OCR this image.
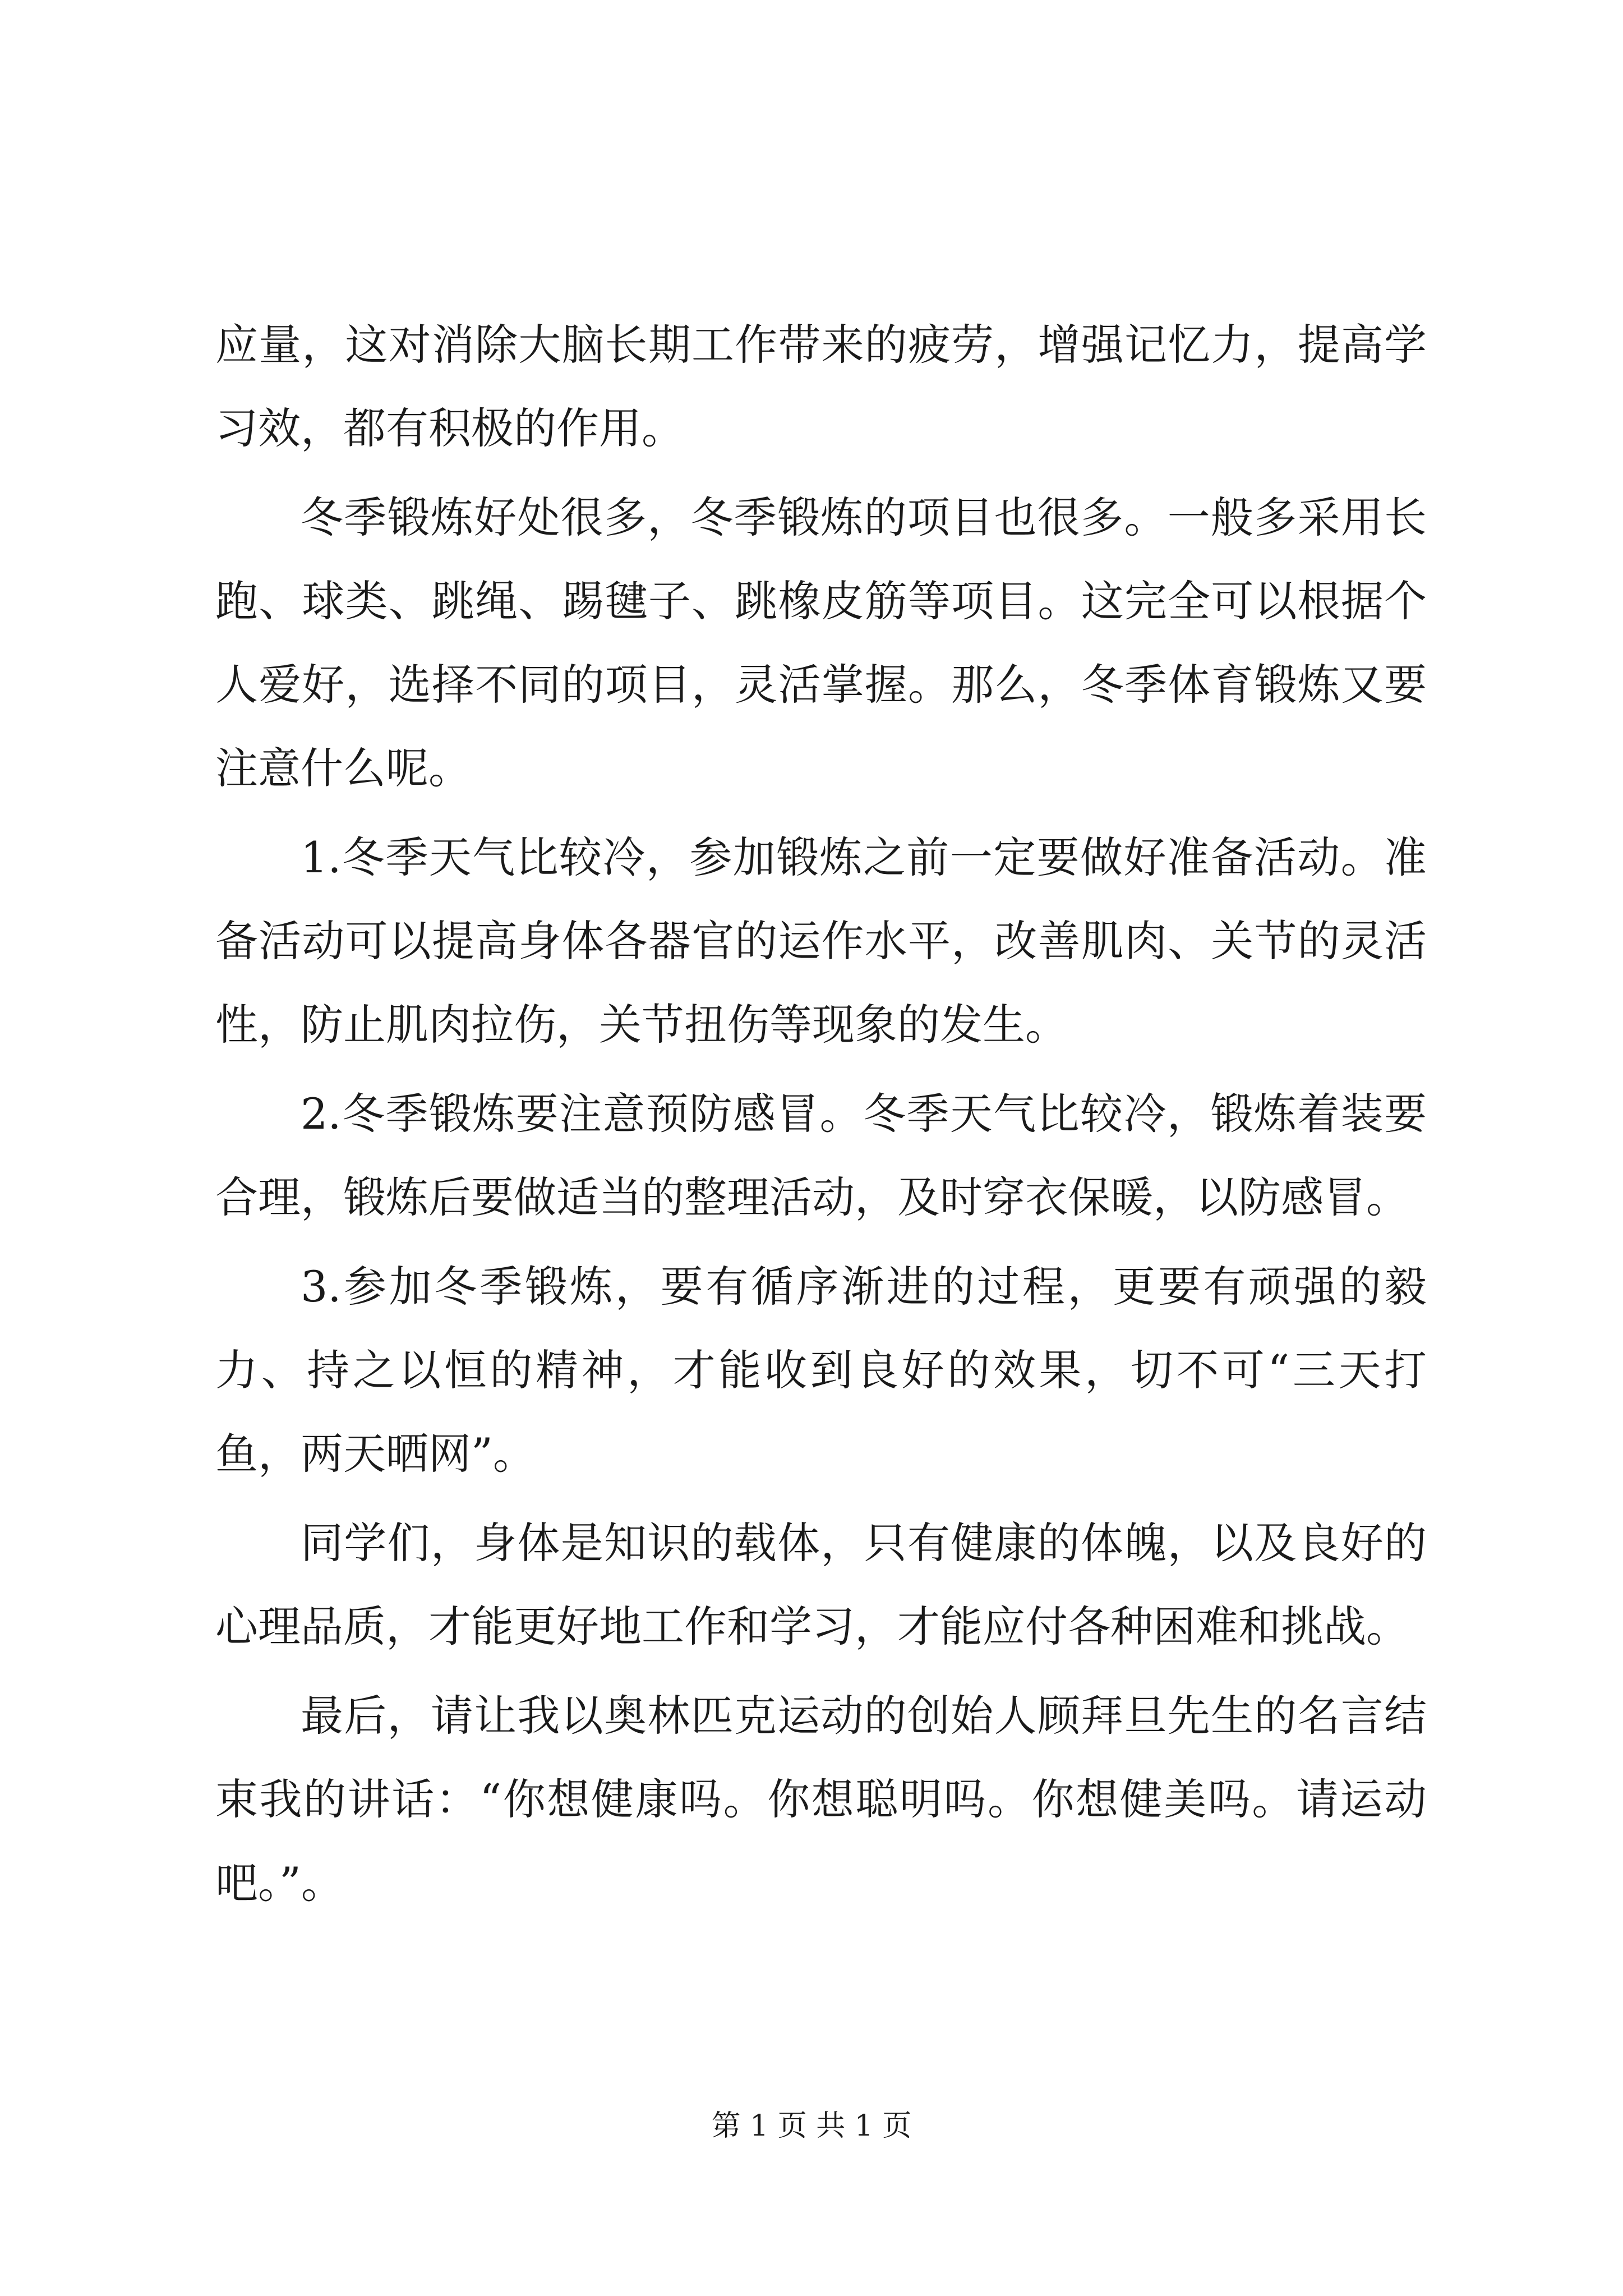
应量，这对消除大脑长期工作带来的疲劳，增强记忆力，提高学习效，都有积极的作用。

冬季锻炼好处很多，冬季锻炼的项目也很多。一般多采用长跑、球类、跳绳、踢毽子、跳橡皮筋等项目。这完全可以根据个人爱好，选择不同的项目，灵活掌握。那么，冬季体育锻炼又要注意什么呢。

1.冬季天气比较冷，参加锻炼之前一定要做好准备活动。准备活动可以提高身体各器官的运作水平，改善肌肉、关节的灵活性，防止肌肉拉伤，关节扭伤等现象的发生。

2.冬季锻炼要注意预防感冒。冬季天气比较冷，锻炼着装要合理，锻炼后要做适当的整理活动，及时穿衣保暖，以防感冒。

3.参加冬季锻炼，要有循序渐进的过程，更要有顽强的毅力、持之以恒的精神，才能收到良好的效果，切不可“三天打鱼，两天晒网”。

同学们，身体是知识的载体，只有健康的体魄，以及良好的心理品质，才能更好地工作和学习，才能应付各种困难和挑战。

最后，请让我以奥林匹克运动的创始人顾拜旦先生的名言结束我的讲话：“你想健康吗。你想聪明吗。你想健美吗。请运动吧。”。

第 1 页 共 1 页
